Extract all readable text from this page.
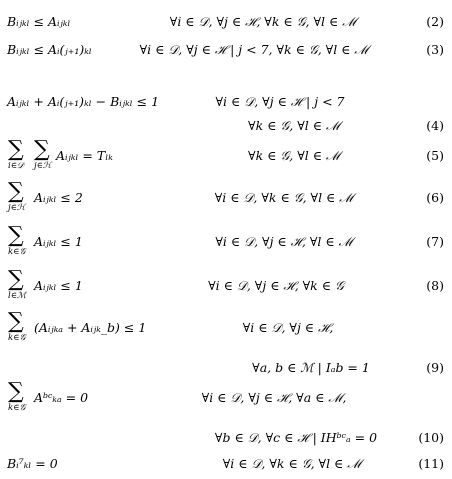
Bᵢⱼₖₗ ≤ Aᵢⱼₖₗ	∀i ∈ 𝒟, ∀j ∈ ℋ, ∀k ∈ 𝒢, ∀l ∈ ℳ	(2)
Bᵢⱼₖₗ ≤ Aᵢ(ⱼ₊₁)ₖₗ	∀i ∈ 𝒟, ∀j ∈ ℋ | j < 7, ∀k ∈ 𝒢, ∀l ∈ ℳ	(3)
Aᵢⱼₖₗ + Aᵢ(ⱼ₊₁)ₖₗ − Bᵢⱼₖₗ ≤ 1	∀i ∈ 𝒟, ∀j ∈ ℋ | j < 7
∀k ∈ 𝒢, ∀l ∈ ℳ	(4)
∑
i∈𝒟
∑
j∈ℋ
Aᵢⱼₖₗ = Tₗₖ	∀k ∈ 𝒢, ∀l ∈ ℳ	(5)
∑
j∈ℋ
Aᵢⱼₖₗ ≤ 2	∀i ∈ 𝒟, ∀k ∈ 𝒢, ∀l ∈ ℳ	(6)
∑
k∈𝒢
Aᵢⱼₖₗ ≤ 1	∀i ∈ 𝒟, ∀j ∈ ℋ, ∀l ∈ ℳ	(7)
∑
l∈ℳ
Aᵢⱼₖₗ ≤ 1	∀i ∈ 𝒟, ∀j ∈ ℋ, ∀k ∈ 𝒢	(8)
∑
k∈𝒢
(Aᵢⱼₖₐ + Aᵢⱼₖ_b) ≤ 1	∀i ∈ 𝒟, ∀j ∈ ℋ,
∀a, b ∈ ℳ | Iₐb = 1	(9)
∑
k∈𝒢
Aᵇᶜₖₐ = 0	∀i ∈ 𝒟, ∀j ∈ ℋ, ∀a ∈ ℳ,
∀b ∈ 𝒟, ∀c ∈ ℋ | IHᵇᶜₐ = 0	(10)
Bᵢ⁷ₖₗ = 0	∀i ∈ 𝒟, ∀k ∈ 𝒢, ∀l ∈ ℳ	(11)
